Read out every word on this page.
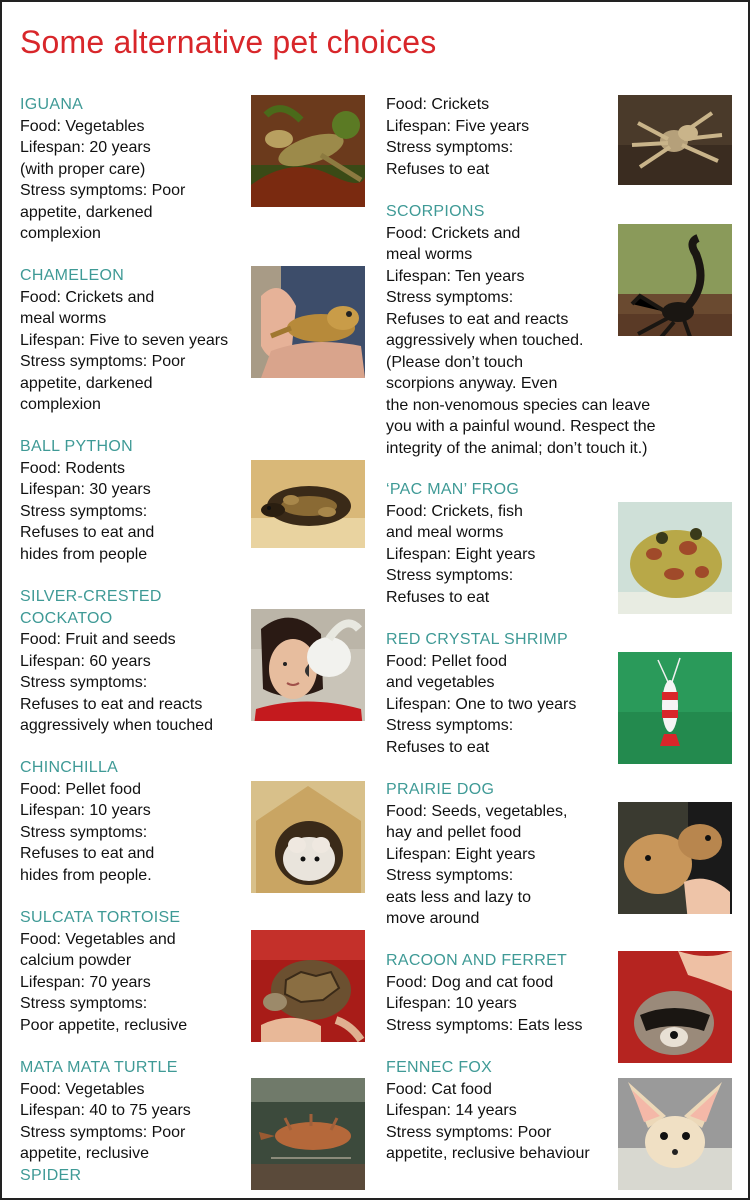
Some alternative pet choices
IGUANA
Food: Vegetables
Lifespan: 20 years
(with proper care)
Stress symptoms: Poor
appetite, darkened
complexion
CHAMELEON
Food: Crickets and
meal worms
Lifespan: Five to seven years
Stress symptoms: Poor
appetite, darkened
complexion
BALL PYTHON
Food: Rodents
Lifespan: 30 years
Stress symptoms:
Refuses to eat and
hides from people
SILVER-CRESTED
COCKATOO
Food: Fruit and seeds
Lifespan: 60 years
Stress symptoms:
Refuses to eat and reacts
aggressively when touched
CHINCHILLA
Food: Pellet food
Lifespan: 10 years
Stress symptoms:
Refuses to eat and
hides from people.
SULCATA TORTOISE
Food: Vegetables and
calcium powder
Lifespan: 70 years
Stress symptoms:
Poor appetite, reclusive
MATA MATA TURTLE
Food: Vegetables
Lifespan: 40 to 75 years
Stress symptoms: Poor
appetite, reclusive
SPIDER
Food: Crickets
Lifespan: Five years
Stress symptoms:
Refuses to eat
SCORPIONS
Food: Crickets and
meal worms
Lifespan: Ten years
Stress symptoms:
Refuses to eat and reacts
aggressively when touched.
(Please don’t touch
scorpions anyway. Even
the non-venomous species can leave
you with a painful wound. Respect the
integrity of the animal; don’t touch it.)
‘PAC MAN’ FROG
Food: Crickets, fish
and meal worms
Lifespan: Eight years
Stress symptoms:
Refuses to eat
RED CRYSTAL SHRIMP
Food: Pellet food
and vegetables
Lifespan: One to two years
Stress symptoms:
Refuses to eat
PRAIRIE DOG
Food: Seeds, vegetables,
hay and pellet food
Lifespan: Eight years
Stress symptoms:
eats less and lazy to
move around
RACOON AND FERRET
Food: Dog and cat food
Lifespan: 10 years
Stress symptoms: Eats less
FENNEC FOX
Food: Cat food
Lifespan: 14 years
Stress symptoms: Poor
appetite, reclusive behaviour
